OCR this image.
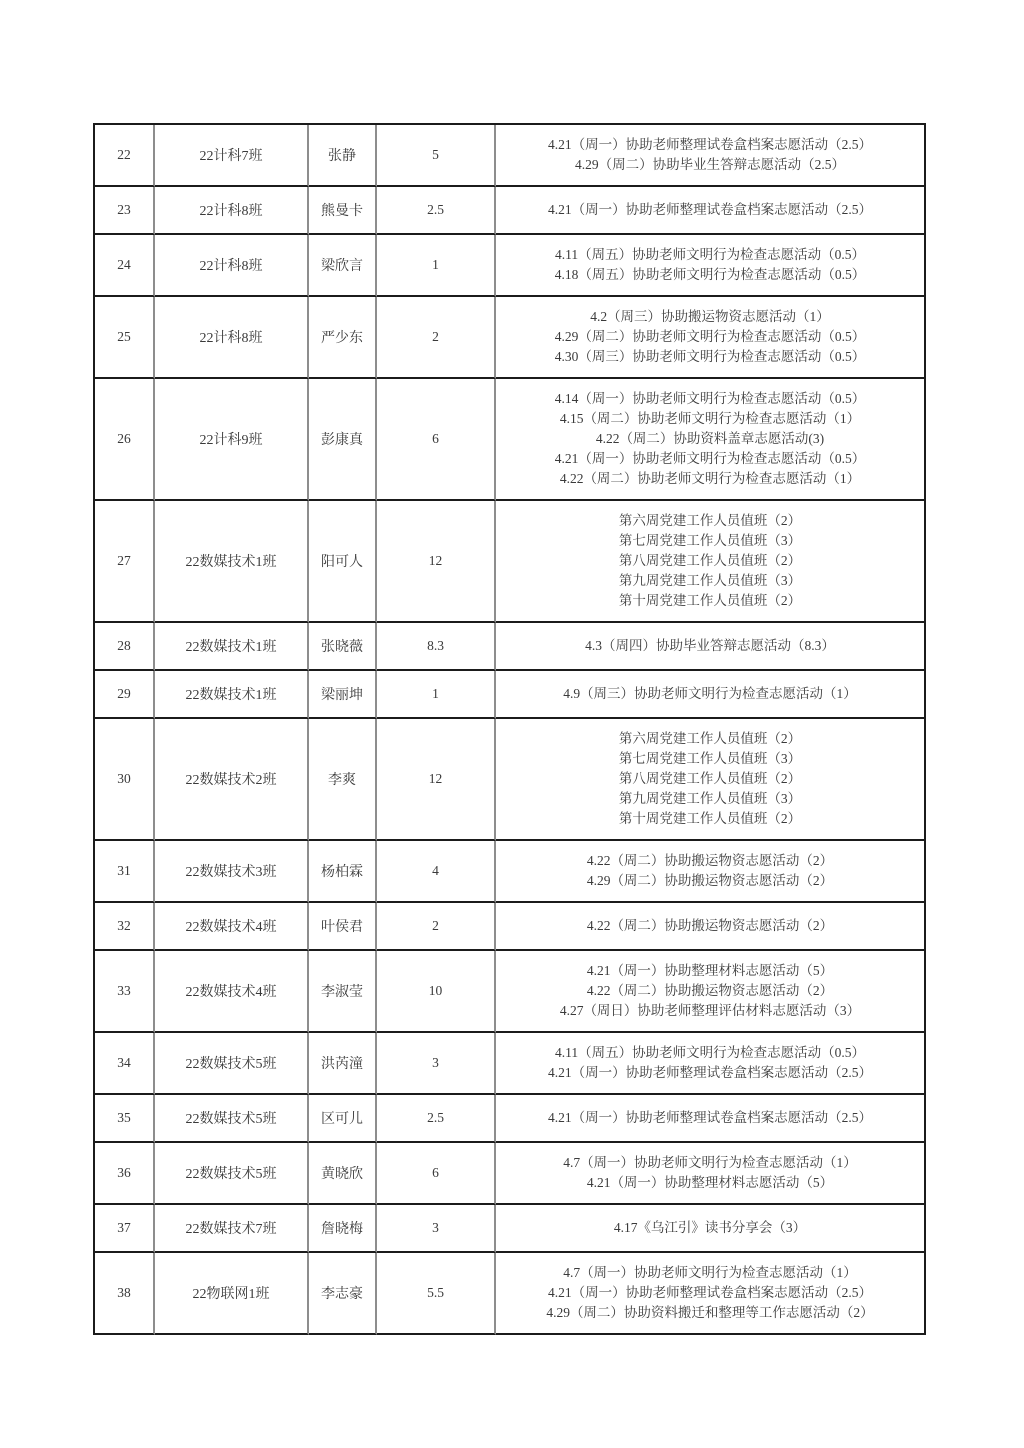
22	22计科7班	张静	5	4.21（周一）协助老师整理试卷盒档案志愿活动（2.5）
4.29（周二）协助毕业生答辩志愿活动（2.5）

23	22计科8班	熊曼卡	2.5	4.21（周一）协助老师整理试卷盒档案志愿活动（2.5）

24	22计科8班	梁欣言	1	4.11（周五）协助老师文明行为检查志愿活动（0.5）
4.18（周五）协助老师文明行为检查志愿活动（0.5）

25	22计科8班	严少东	2	4.2（周三）协助搬运物资志愿活动（1）
4.29（周二）协助老师文明行为检查志愿活动（0.5）
4.30（周三）协助老师文明行为检查志愿活动（0.5）

26	22计科9班	彭康真	6	4.14（周一）协助老师文明行为检查志愿活动（0.5）
4.15（周二）协助老师文明行为检查志愿活动（1）
4.22（周二）协助资料盖章志愿活动(3)
4.21（周一）协助老师文明行为检查志愿活动（0.5）
4.22（周二）协助老师文明行为检查志愿活动（1）

27	22数媒技术1班	阳可人	12	第六周党建工作人员值班（2）
第七周党建工作人员值班（3）
第八周党建工作人员值班（2）
第九周党建工作人员值班（3）
第十周党建工作人员值班（2）

28	22数媒技术1班	张晓薇	8.3	4.3（周四）协助毕业答辩志愿活动（8.3）

29	22数媒技术1班	梁丽坤	1	4.9（周三）协助老师文明行为检查志愿活动（1）

30	22数媒技术2班	李爽	12	第六周党建工作人员值班（2）
第七周党建工作人员值班（3）
第八周党建工作人员值班（2）
第九周党建工作人员值班（3）
第十周党建工作人员值班（2）

31	22数媒技术3班	杨柏霖	4	4.22（周二）协助搬运物资志愿活动（2）
4.29（周二）协助搬运物资志愿活动（2）

32	22数媒技术4班	叶侯君	2	4.22（周二）协助搬运物资志愿活动（2）

33	22数媒技术4班	李淑莹	10	4.21（周一）协助整理材料志愿活动（5）
4.22（周二）协助搬运物资志愿活动（2）
4.27（周日）协助老师整理评估材料志愿活动（3）

34	22数媒技术5班	洪芮潼	3	4.11（周五）协助老师文明行为检查志愿活动（0.5）
4.21（周一）协助老师整理试卷盒档案志愿活动（2.5）

35	22数媒技术5班	区可儿	2.5	4.21（周一）协助老师整理试卷盒档案志愿活动（2.5）

36	22数媒技术5班	黄晓欣	6	4.7（周一）协助老师文明行为检查志愿活动（1）
4.21（周一）协助整理材料志愿活动（5）

37	22数媒技术7班	詹晓梅	3	4.17《乌江引》读书分享会（3）

38	22物联网1班	李志豪	5.5	4.7（周一）协助老师文明行为检查志愿活动（1）
4.21（周一）协助老师整理试卷盒档案志愿活动（2.5）
4.29（周二）协助资料搬迁和整理等工作志愿活动（2）
